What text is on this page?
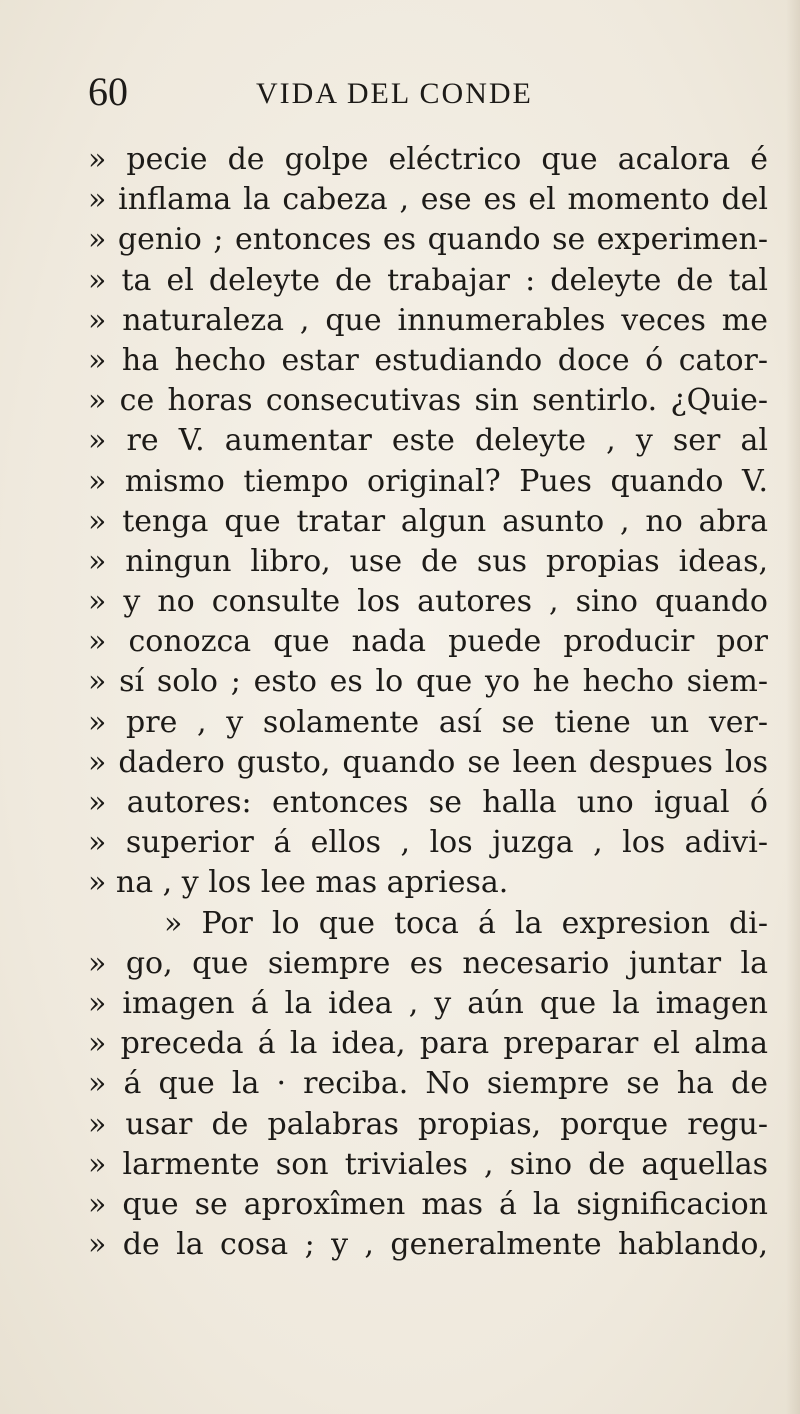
60	VIDA DEL CONDE
» pecie de golpe eléctrico que acalora é
» inflama la cabeza , ese es el momento del
» genio ; entonces es quando se experimen-
» ta el deleyte de trabajar : deleyte de tal
» naturaleza , que innumerables veces me
» ha hecho estar estudiando doce ó cator-
» ce horas consecutivas sin sentirlo. ¿Quie-
» re V. aumentar este deleyte , y ser al
» mismo tiempo original? Pues quando V.
» tenga que tratar algun asunto , no abra
» ningun libro, use de sus propias ideas,
» y no consulte los autores , sino quando
» conozca que nada puede producir por
» sí solo ; esto es lo que yo he hecho siem-
» pre , y solamente así se tiene un ver-
» dadero gusto, quando se leen despues los
» autores: entonces se halla uno igual ó
» superior á ellos , los juzga , los adivi-
» na , y los lee mas apriesa.
» Por lo que toca á la expresion di-
» go, que siempre es necesario juntar la
» imagen á la idea , y aún que la imagen
» preceda á la idea, para preparar el alma
» á que la · reciba. No siempre se ha de
» usar de palabras propias, porque regu-
» larmente son triviales , sino de aquellas
» que se aproxîmen mas á la significacion
» de la cosa ; y , generalmente hablando,
